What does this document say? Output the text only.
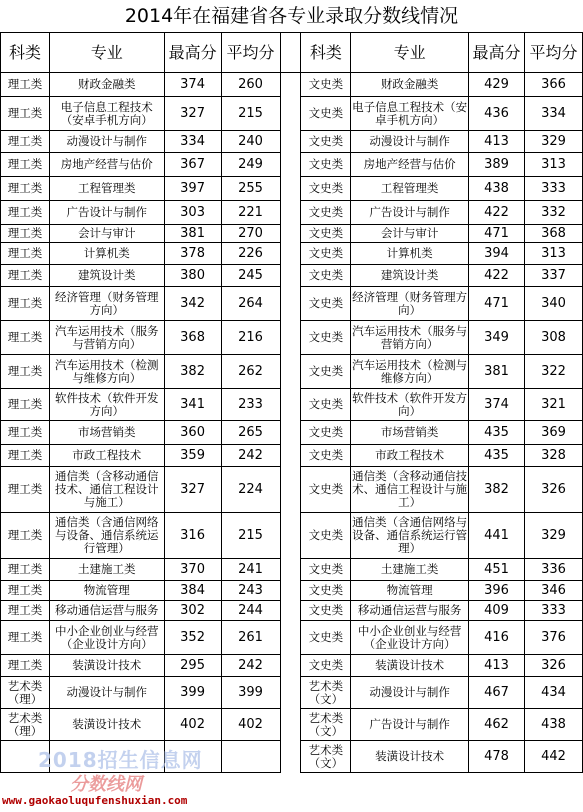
2014年在福建省各专业录取分数线情况
科类	专业	最高分	平均分		科类	专业	最高分	平均分
理工类	财政金融类	374	260		文史类	财政金融类	429	366
理工类	电子信息工程技术（安卓手机方向）	327	215		文史类	电子信息工程技术（安卓手机方向）	436	334
理工类	动漫设计与制作	334	240		文史类	动漫设计与制作	413	329
理工类	房地产经营与估价	367	249		文史类	房地产经营与估价	389	313
理工类	工程管理类	397	255		文史类	工程管理类	438	333
理工类	广告设计与制作	303	221		文史类	广告设计与制作	422	332
理工类	会计与审计	381	270		文史类	会计与审计	471	368
理工类	计算机类	378	226		文史类	计算机类	394	313
理工类	建筑设计类	380	245		文史类	建筑设计类	422	337
理工类	经济管理（财务管理方向）	342	264		文史类	经济管理（财务管理方向）	471	340
理工类	汽车运用技术（服务与营销方向）	368	216		文史类	汽车运用技术（服务与营销方向）	349	308
理工类	汽车运用技术（检测与维修方向）	382	262		文史类	汽车运用技术（检测与维修方向）	381	322
理工类	软件技术（软件开发方向）	341	233		文史类	软件技术（软件开发方向）	374	321
理工类	市场营销类	360	265		文史类	市场营销类	435	369
理工类	市政工程技术	359	242		文史类	市政工程技术	435	328
理工类	通信类（含移动通信技术、通信工程设计与施工）	327	224		文史类	通信类（含移动通信技术、通信工程设计与施工）	382	326
理工类	通信类（含通信网络与设备、通信系统运行管理）	316	215		文史类	通信类（含通信网络与设备、通信系统运行管理）	441	329
理工类	土建施工类	370	241		文史类	土建施工类	451	336
理工类	物流管理	384	243		文史类	物流管理	396	346
理工类	移动通信运营与服务	302	244		文史类	移动通信运营与服务	409	333
理工类	中小企业创业与经营（企业设计方向）	352	261		文史类	中小企业创业与经营（企业设计方向）	416	376
理工类	装潢设计技术	295	242		文史类	装潢设计技术	413	326
艺术类（理）	动漫设计与制作	399	399		艺术类（文）	动漫设计与制作	467	434
艺术类（理）	装潢设计技术	402	402		艺术类（文）	广告设计与制作	462	438
					艺术类（文）	装潢设计技术	478	442
2018招生信息网
分数线网
www.gaokaoluqufenshuxian.com
